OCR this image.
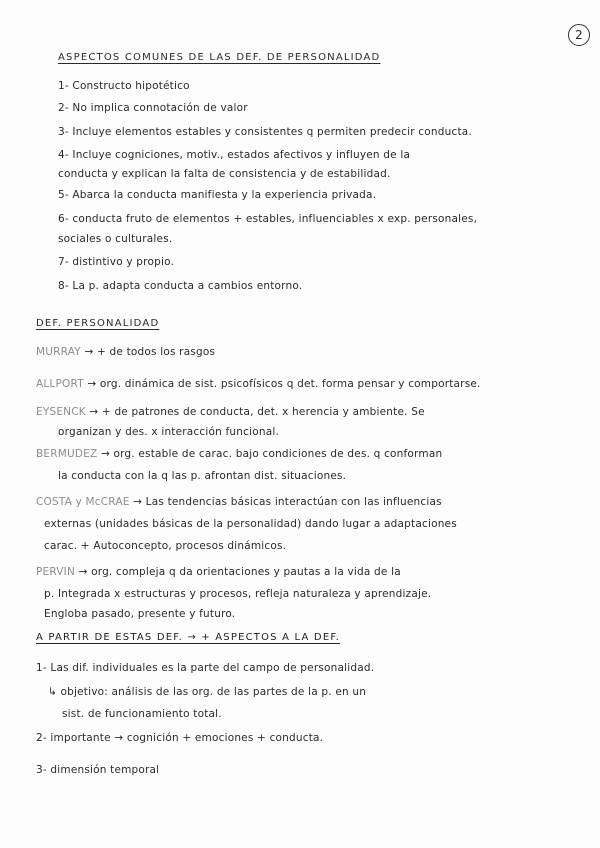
2
ASPECTOS COMUNES DE LAS DEF. DE PERSONALIDAD
1- Constructo hipotético
2- No implica connotación de valor
3- Incluye elementos estables y consistentes q permiten predecir conducta.
4- Incluye cogniciones, motiv., estados afectivos y influyen de la
conducta y explican la falta de consistencia y de estabilidad.
5- Abarca la conducta manifiesta y la experiencia privada.
6- conducta fruto de elementos + estables, influenciables x exp. personales,
sociales o culturales.
7- distintivo y propio.
8- La p. adapta conducta a cambios entorno.
DEF. PERSONALIDAD
MURRAY → + de todos los rasgos
ALLPORT → org. dinámica de sist. psicofísicos q det. forma pensar y comportarse.
EYSENCK → + de patrones de conducta, det. x herencia y ambiente. Se
organizan y des. x interacción funcional.
BERMUDEZ → org. estable de carac. bajo condiciones de des. q conforman
la conducta con la q las p. afrontan dist. situaciones.
COSTA y McCRAE → Las tendencias básicas interactúan con las influencias
externas (unidades básicas de la personalidad) dando lugar a adaptaciones
carac. + Autoconcepto, procesos dinámicos.
PERVIN → org. compleja q da orientaciones y pautas a la vida de la
p. Integrada x estructuras y procesos, refleja naturaleza y aprendizaje.
Engloba pasado, presente y futuro.
A PARTIR DE ESTAS DEF. → + ASPECTOS A LA DEF.
1- Las dif. individuales es la parte del campo de personalidad.
↳ objetivo: análisis de las org. de las partes de la p. en un
sist. de funcionamiento total.
2- importante → cognición + emociones + conducta.
3- dimensión temporal
